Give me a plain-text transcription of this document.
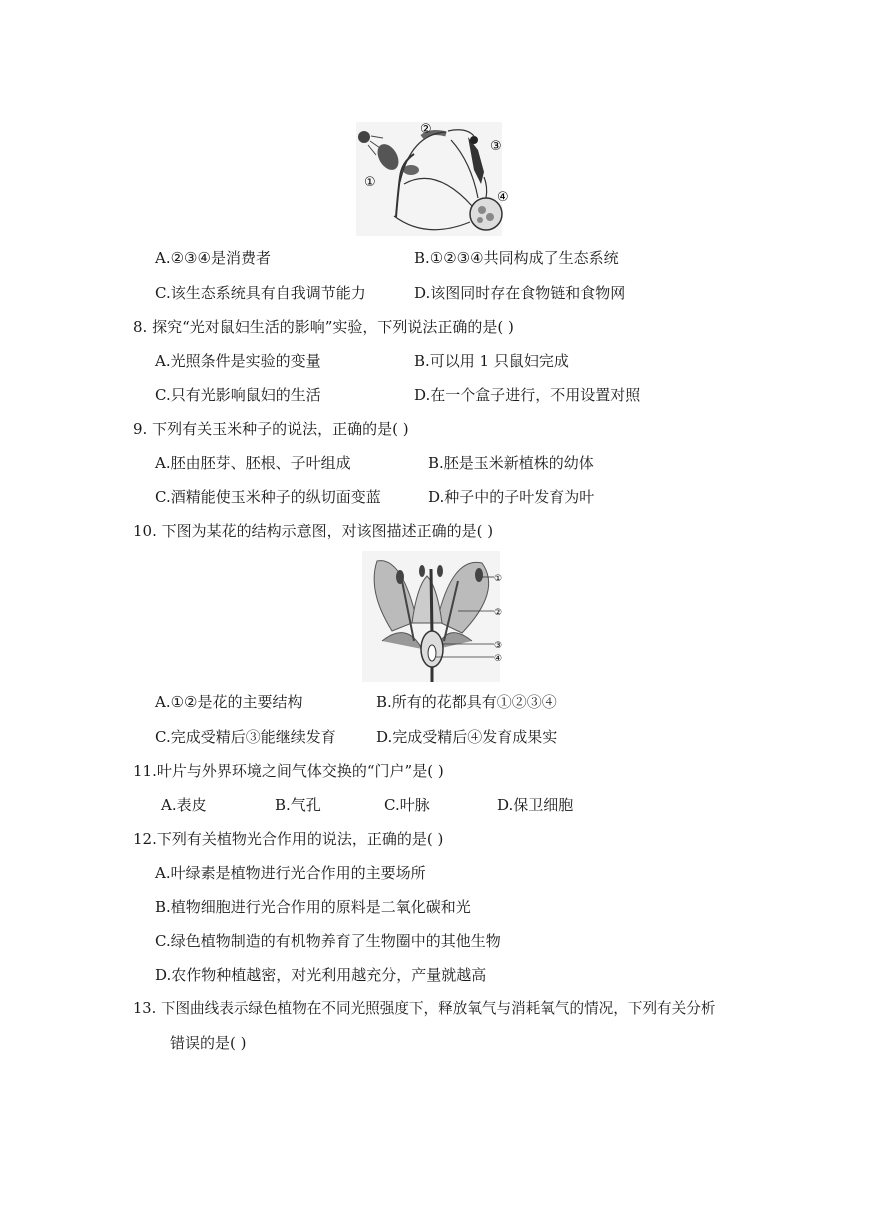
②
③
①
④
A.②③④是消费者	B.①②③④共同构成了生态系统
C.该生态系统具有自我调节能力	D.该图同时存在食物链和食物网
8. 探究“光对鼠妇生活的影响”实验，下列说法正确的是( )
A.光照条件是实验的变量	B.可以用 1 只鼠妇完成
C.只有光影响鼠妇的生活	D.在一个盒子进行，不用设置对照
9. 下列有关玉米种子的说法，正确的是( )
A.胚由胚芽、胚根、子叶组成	B.胚是玉米新植株的幼体
C.酒精能使玉米种子的纵切面变蓝	D.种子中的子叶发育为叶
10. 下图为某花的结构示意图，对该图描述正确的是( )
①
②
③
④
A.①②是花的主要结构	B.所有的花都具有①②③④
C.完成受精后③能继续发育	D.完成受精后④发育成果实
11.叶片与外界环境之间气体交换的“门户”是( )
A.表皮	B.气孔	C.叶脉	D.保卫细胞
12.下列有关植物光合作用的说法，正确的是( )
A.叶绿素是植物进行光合作用的主要场所
B.植物细胞进行光合作用的原料是二氧化碳和光
C.绿色植物制造的有机物养育了生物圈中的其他生物
D.农作物种植越密，对光利用越充分，产量就越高
13. 下图曲线表示绿色植物在不同光照强度下，释放氧气与消耗氧气的情况，下列有关分析
错误的是( )
